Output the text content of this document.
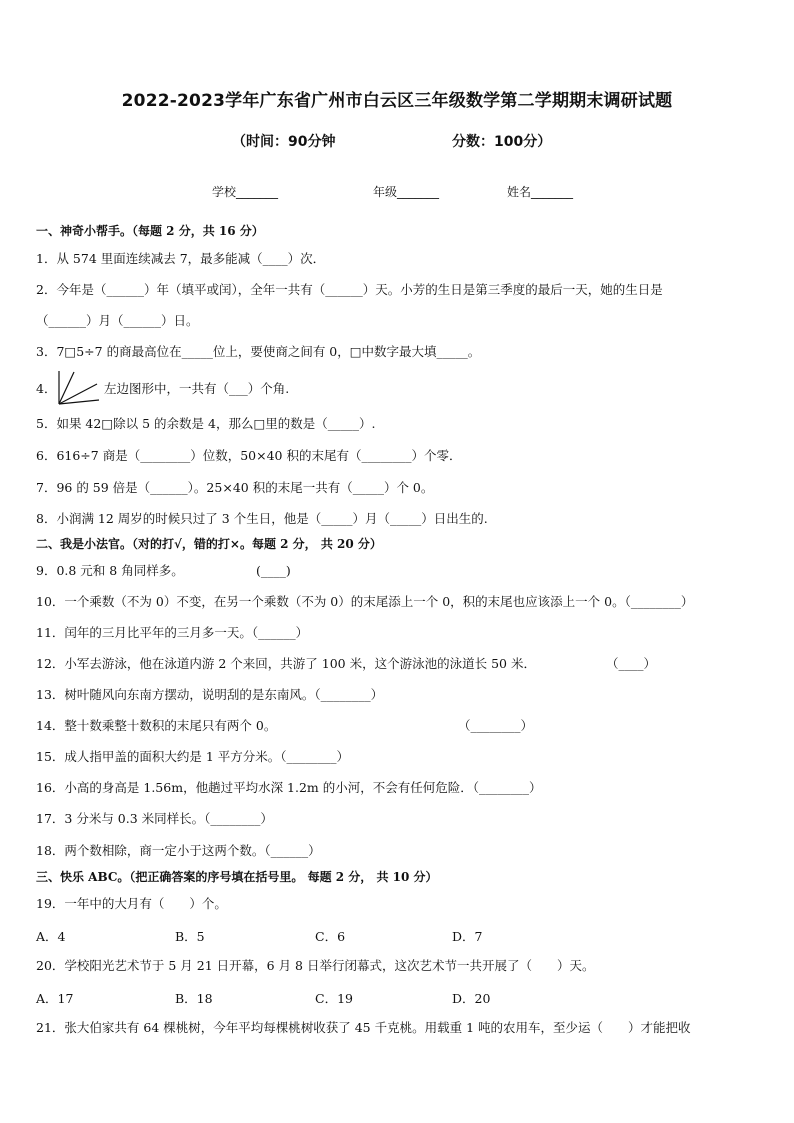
2022-2023学年广东省广州市白云区三年级数学第二学期期末调研试题
（时间：90分钟	分数：100分）
学校_______	年级_______	姓名_______
一、神奇小帮手。（每题 2 分，共 16 分）
1．从 574 里面连续减去 7，最多能减（____）次．
2．今年是（______）年（填平或闰），全年一共有（______）天。小芳的生日是第三季度的最后一天，她的生日是
（______）月（______）日。
3．7□5÷7 的商最高位在_____位上，要使商之间有 0，□中数字最大填_____。
4．	左边图形中，一共有（___）个角.
5．如果 42□除以 5 的余数是 4，那么□里的数是（_____）.
6．616÷7 商是（________）位数，50×40 积的末尾有（________）个零．
7．96 的 59 倍是（______）。25×40 积的末尾一共有（_____）个 0。
8．小润满 12 周岁的时候只过了 3 个生日，他是（_____）月（_____）日出生的.
二、我是小法官。（对的打√，错的打×。每题 2 分， 共 20 分）
9．0.8 元和 8 角同样多。	(____)
10．一个乘数（不为 0）不变，在另一个乘数（不为 0）的末尾添上一个 0，积的末尾也应该添上一个 0。（________）
11．闰年的三月比平年的三月多一天。（______）
12．小军去游泳，他在泳道内游 2 个来回，共游了 100 米，这个游泳池的泳道长 50 米．	（____）
13．树叶随风向东南方摆动，说明刮的是东南风。（________）
14．整十数乘整十数积的末尾只有两个 0。	（________）
15．成人指甲盖的面积大约是 1 平方分米。（________）
16．小高的身高是 1.56m，他趟过平均水深 1.2m 的小河，不会有任何危险．（________）
17．3 分米与 0.3 米同样长。（________）
18．两个数相除，商一定小于这两个数。（______）
三、快乐 ABC。（把正确答案的序号填在括号里。 每题 2 分， 共 10 分）
19．一年中的大月有（　　）个。
A．4	B．5	C．6	D．7
20．学校阳光艺术节于 5 月 21 日开幕，6 月 8 日举行闭幕式，这次艺术节一共开展了（　　）天。
A．17	B．18	C．19	D．20
21．张大伯家共有 64 棵桃树，今年平均每棵桃树收获了 45 千克桃。用载重 1 吨的农用车，至少运（　　）才能把收
